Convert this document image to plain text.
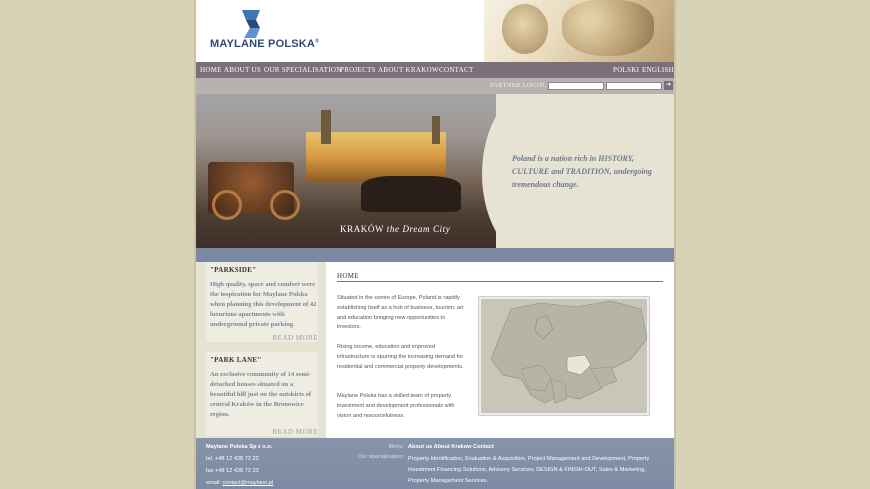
MAYLANE POLSKA®
HOME ABOUT US OUR SPECIALISATION
PROJECTS ABOUT KRAKOW CONTACT	POLSKI ENGLISH
PARTNER LOGIN:	➜
KRAKÓW the Dream City
Poland is a nation rich in HISTORY, CULTURE and TRADITION, undergoing tremendous change.
"PARKSIDE"
High quality, space and comfort were the inspiration for Maylane Polska when planning this development of 42 luxurious apartments with underground private parking.
READ MORE
"PARK LANE"
An exclusive community of 14 semi-detached houses situated on a beautiful hill just on the outskirts of central Kraków in the Bronowice region.
READ MORE
HOME
Situated in the centre of Europe, Poland is rapidly establishing itself as a hub of business, tourism, art and education bringing new opportunities to investors.
Rising income, education and improved infrastructure is spurring the increasing demand for residential and commercial property developments.
Maylane Polska has a skilled team of property investment and development professionals with vision and resourcefulness.
Maylane Polska Sp z o.o.
tel. +48 12 428 72 22
fax +48 12 428 72 33
email: contact@maylane.pl
Menu: About us About Krakow Contact
Our specialisation: Property Identification, Evaluation & Acquisition, Project Management and Development, Property Investment Financing Solutions, Advisory Services, DESIGN & FINISH-OUT, Sales & Marketing, Property Management Services.
